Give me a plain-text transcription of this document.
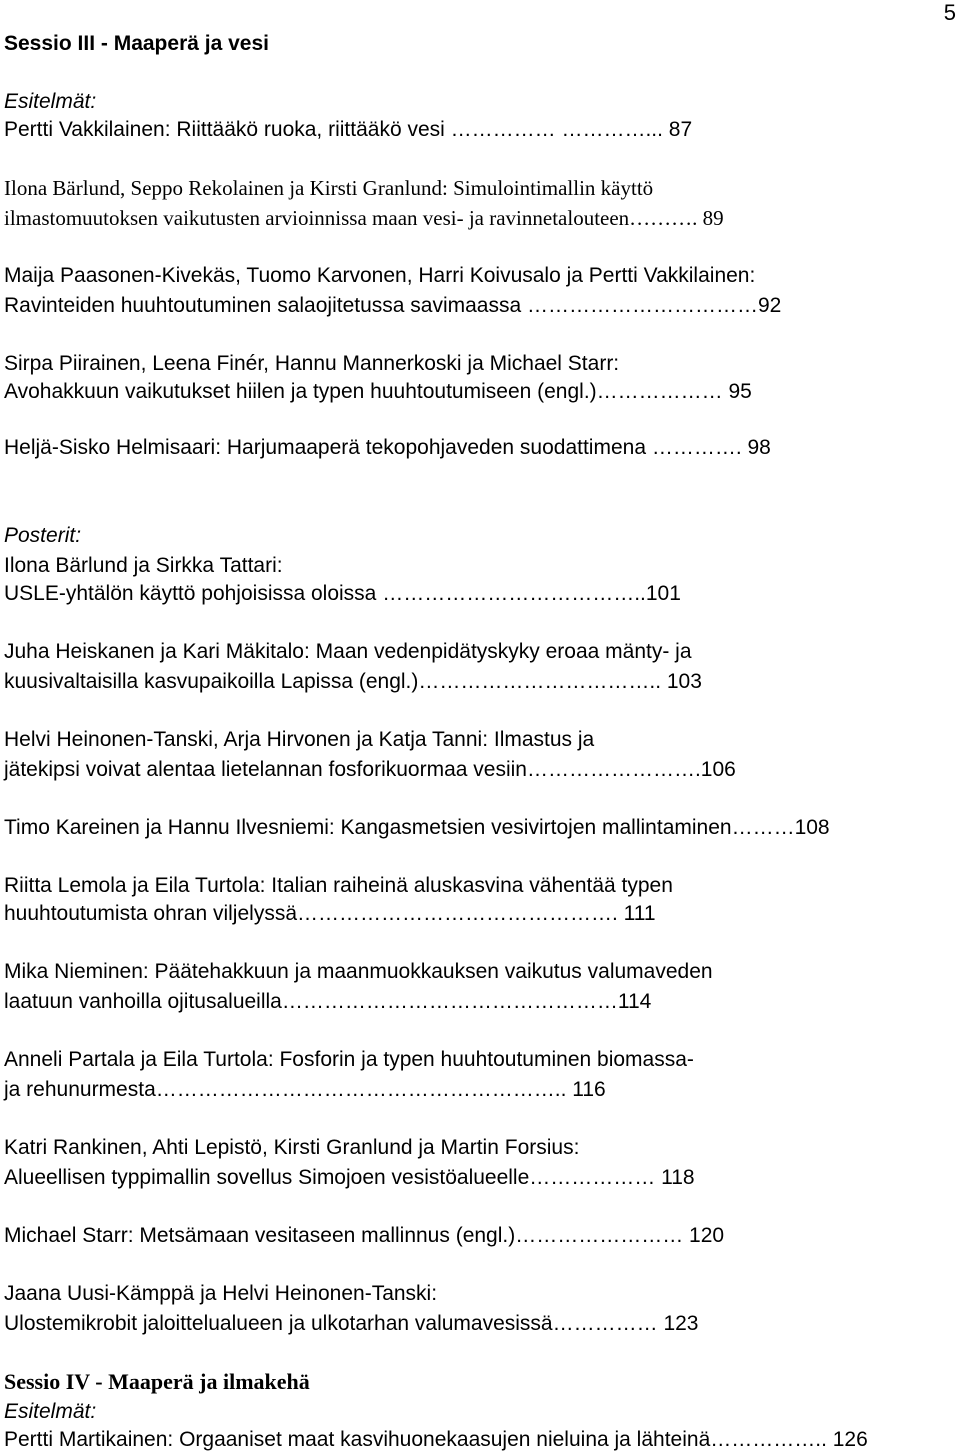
5
Sessio III - Maaperä ja vesi
Esitelmät:
Pertti Vakkilainen: Riittääkö ruoka, riittääkö vesi …………… …………... 87
Ilona Bärlund, Seppo Rekolainen ja Kirsti Granlund: Simulointimallin käyttö
ilmastomuutoksen vaikutusten arvioinnissa maan vesi- ja ravinnetalouteen………. 89
Maija Paasonen-Kivekäs, Tuomo Karvonen, Harri Koivusalo ja Pertti Vakkilainen:
Ravinteiden huuhtoutuminen salaojitetussa savimaassa ……………………………92
Sirpa Piirainen, Leena Finér, Hannu Mannerkoski ja Michael Starr:
Avohakkuun vaikutukset hiilen ja typen huuhtoutumiseen (engl.)……………… 95
Heljä-Sisko Helmisaari: Harjumaaperä tekopohjaveden suodattimena …………. 98
Posterit:
Ilona Bärlund ja Sirkka Tattari:
USLE-yhtälön käyttö pohjoisissa oloissa ………………………………..101
Juha Heiskanen ja Kari Mäkitalo: Maan vedenpidätyskyky eroaa mänty- ja
kuusivaltaisilla kasvupaikoilla Lapissa (engl.)…………………………….. 103
Helvi Heinonen-Tanski, Arja Hirvonen ja Katja Tanni: Ilmastus ja
jätekipsi voivat alentaa lietelannan fosforikuormaa vesiin…………………….106
Timo Kareinen ja Hannu Ilvesniemi: Kangasmetsien vesivirtojen mallintaminen………108
Riitta Lemola ja Eila Turtola: Italian raiheinä aluskasvina vähentää typen
huuhtoutumista ohran viljelyssä………………………………………. 111
Mika Nieminen: Päätehakkuun ja maanmuokkauksen vaikutus valumaveden
laatuun vanhoilla ojitusalueilla…………………………………………114
Anneli Partala ja Eila Turtola: Fosforin ja typen huuhtoutuminen biomassa-
ja rehunurmesta………………………………………………….. 116
Katri Rankinen, Ahti Lepistö, Kirsti Granlund ja Martin Forsius:
Alueellisen typpimallin sovellus Simojoen vesistöalueelle……………… 118
Michael Starr: Metsämaan vesitaseen mallinnus (engl.)…………………… 120
Jaana Uusi-Kämppä ja Helvi Heinonen-Tanski:
Ulostemikrobit jaloittelualueen ja ulkotarhan valumavesissä…………… 123
Sessio IV - Maaperä ja ilmakehä
Esitelmät:
Pertti Martikainen: Orgaaniset maat kasvihuonekaasujen nieluina ja lähteinä…………….. 126
